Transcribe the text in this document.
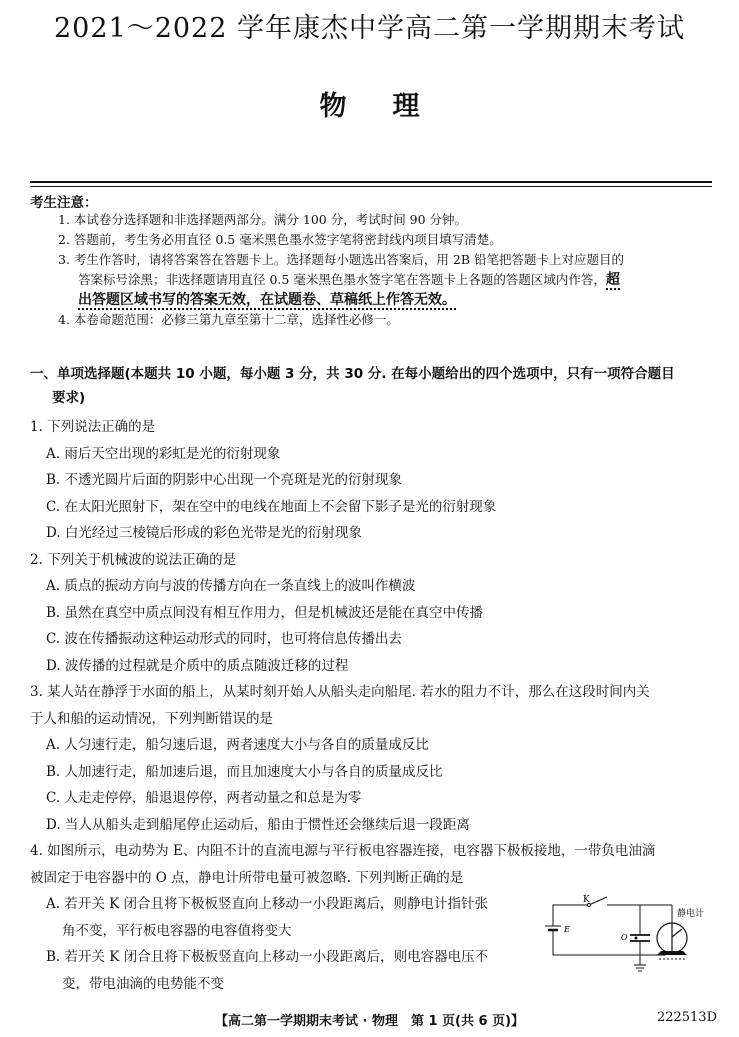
2021～2022 学年康杰中学高二第一学期期末考试
物理
考生注意：
1. 本试卷分选择题和非选择题两部分。满分 100 分，考试时间 90 分钟。
2. 答题前，考生务必用直径 0.5 毫米黑色墨水签字笔将密封线内项目填写清楚。
3. 考生作答时，请将答案答在答题卡上。选择题每小题选出答案后，用 2B 铅笔把答题卡上对应题目的
答案标号涂黑；非选择题请用直径 0.5 毫米黑色墨水签字笔在答题卡上各题的答题区域内作答，超
出答题区域书写的答案无效，在试题卷、草稿纸上作答无效。
4. 本卷命题范围：必修三第九章至第十二章，选择性必修一。
一、单项选择题(本题共 10 小题，每小题 3 分，共 30 分. 在每小题给出的四个选项中，只有一项符合题目
要求)
1. 下列说法正确的是
A. 雨后天空出现的彩虹是光的衍射现象
B. 不透光圆片后面的阴影中心出现一个亮斑是光的衍射现象
C. 在太阳光照射下，架在空中的电线在地面上不会留下影子是光的衍射现象
D. 白光经过三棱镜后形成的彩色光带是光的衍射现象
2. 下列关于机械波的说法正确的是
A. 质点的振动方向与波的传播方向在一条直线上的波叫作横波
B. 虽然在真空中质点间没有相互作用力，但是机械波还是能在真空中传播
C. 波在传播振动这种运动形式的同时，也可将信息传播出去
D. 波传播的过程就是介质中的质点随波迁移的过程
3. 某人站在静浮于水面的船上，从某时刻开始人从船头走向船尾. 若水的阻力不计，那么在这段时间内关
于人和船的运动情况，下列判断错误的是
A. 人匀速行走，船匀速后退，两者速度大小与各自的质量成反比
B. 人加速行走，船加速后退，而且加速度大小与各自的质量成反比
C. 人走走停停，船退退停停，两者动量之和总是为零
D. 当人从船头走到船尾停止运动后，船由于惯性还会继续后退一段距离
4. 如图所示，电动势为 E、内阻不计的直流电源与平行板电容器连接，电容器下极板接地，一带负电油滴
被固定于电容器中的 O 点，静电计所带电量可被忽略. 下列判断正确的是
A. 若开关 K 闭合且将下极板竖直向上移动一小段距离后，则静电计指针张
角不变，平行板电容器的电容值将变大
B. 若开关 K 闭合且将下极板竖直向上移动一小段距离后，则电容器电压不
变，带电油滴的电势能不变
K
E
O
静电计
【高二第一学期期末考试 · 物理　第 1 页(共 6 页)】	222513D
